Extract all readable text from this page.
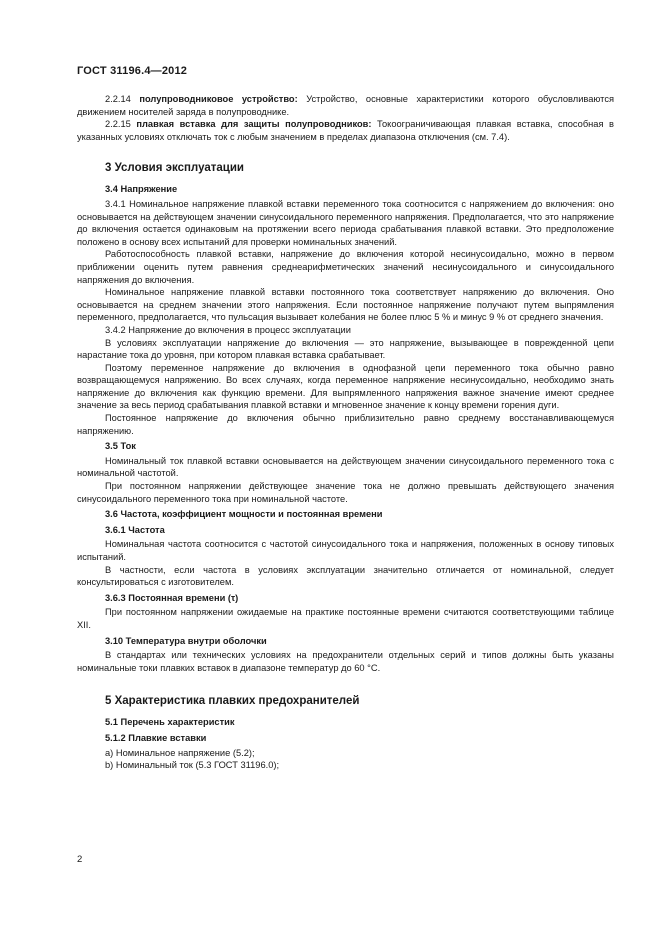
ГОСТ 31196.4—2012

2.2.14 полупроводниковое устройство: Устройство, основные характеристики которого обусловливаются движением носителей заряда в полупроводнике.

2.2.15 плавкая вставка для защиты полупроводников: Токоограничивающая плавкая вставка, способная в указанных условиях отключать ток с любым значением в пределах диапазона отключения (см. 7.4).

3 Условия эксплуатации
3.4 Напряжение

3.4.1 Номинальное напряжение плавкой вставки переменного тока соотносится с напряжением до включения: оно основывается на действующем значении синусоидального переменного напряжения. Предполагается, что это напряжение до включения остается одинаковым на протяжении всего периода срабатывания плавкой вставки. Это предположение положено в основу всех испытаний для проверки номинальных значений.

Работоспособность плавкой вставки, напряжение до включения которой несинусоидально, можно в первом приближении оценить путем равнения среднеарифметических значений несинусоидального и синусоидального напряжения до включения.

Номинальное напряжение плавкой вставки постоянного тока соответствует напряжению до включения. Оно основывается на среднем значении этого напряжения. Если постоянное напряжение получают путем выпрямления переменного, предполагается, что пульсация вызывает колебания не более плюс 5 % и минус 9 % от среднего значения.

3.4.2 Напряжение до включения в процесс эксплуатации

В условиях эксплуатации напряжение до включения — это напряжение, вызывающее в поврежденной цепи нарастание тока до уровня, при котором плавкая вставка срабатывает.

Поэтому переменное напряжение до включения в однофазной цепи переменного тока обычно равно возвращающемуся напряжению. Во всех случаях, когда переменное напряжение несинусоидально, необходимо знать напряжение до включения как функцию времени. Для выпрямленного напряжения важное значение имеют среднее значение за весь период срабатывания плавкой вставки и мгновенное значение к концу времени горения дуги.

Постоянное напряжение до включения обычно приблизительно равно среднему восстанавливающемуся напряжению.

3.5 Ток

Номинальный ток плавкой вставки основывается на действующем значении синусоидального переменного тока с номинальной частотой.

При постоянном напряжении действующее значение тока не должно превышать действующего значения синусоидального переменного тока при номинальной частоте.

3.6 Частота, коэффициент мощности и постоянная времени
3.6.1 Частота

Номинальная частота соотносится с частотой синусоидального тока и напряжения, положенных в основу типовых испытаний.

В частности, если частота в условиях эксплуатации значительно отличается от номинальной, следует консультироваться с изготовителем.

3.6.3 Постоянная времени (τ)

При постоянном напряжении ожидаемые на практике постоянные времени считаются соответствующими таблице XII.

3.10 Температура внутри оболочки

В стандартах или технических условиях на предохранители отдельных серий и типов должны быть указаны номинальные токи плавких вставок в диапазоне температур до 60 °С.

5 Характеристика плавких предохранителей
5.1 Перечень характеристик
5.1.2 Плавкие вставки
a) Номинальное напряжение (5.2);
b) Номинальный ток (5.3 ГОСТ 31196.0);
2
